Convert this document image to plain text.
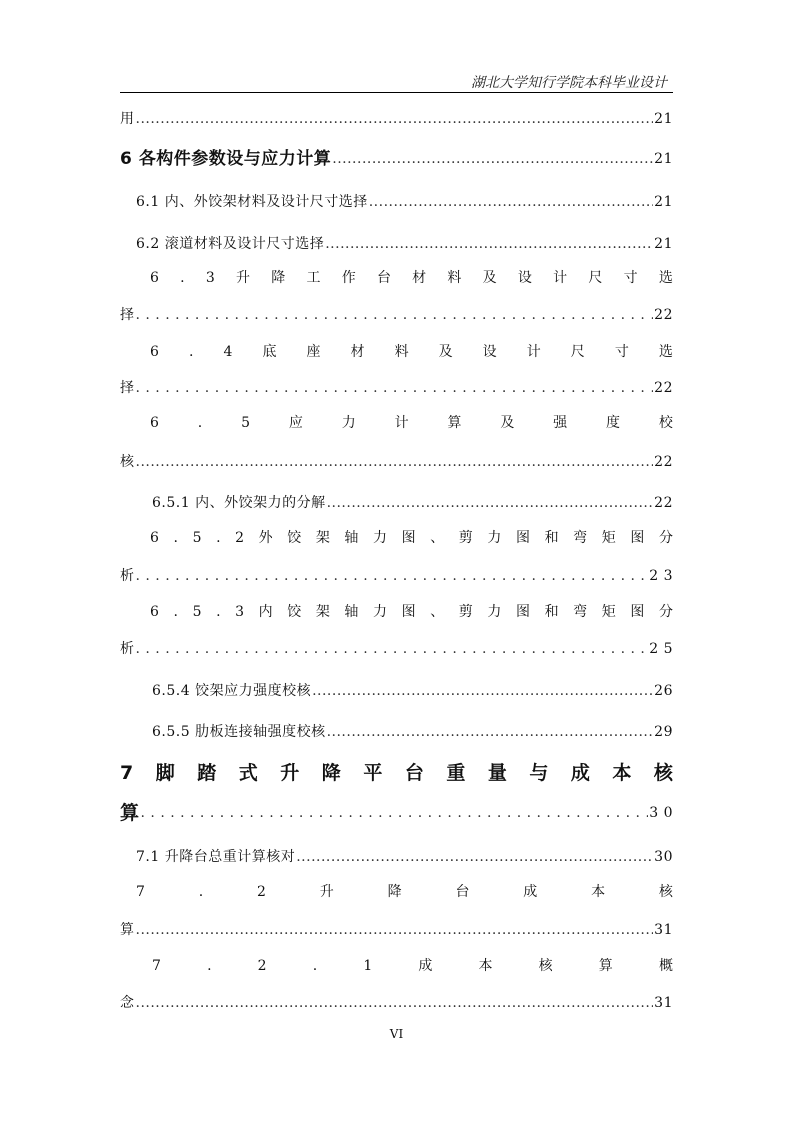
湖北大学知行学院本科毕业设计
用 .....	21
6 各构件参数设与应力计算 .....	21
6.1 内、外饺架材料及设计尺寸选择 .....	21
6.2 滚道材料及设计尺寸选择 .....	21
6 . 3 升 降 工 作 台 材 料 及 设 计 尺 寸 选
择 . . .	22
6 . 4 底 座 材 料 及 设 计 尺 寸 选
择 . . .	22
6	.	5	应	力	计	算	及	强	度	校
核 .....	22
6.5.1 内、外饺架力的分解 .....	22
6 . 5 . 2 外 饺 架 轴 力 图 、 剪 力 图 和 弯 矩 图 分
析 . . .	2 3
6 . 5 . 3 内 饺 架 轴 力 图 、 剪 力 图 和 弯 矩 图 分
析 . . .	2 5
6.5.4 饺架应力强度校核 .....	26
6.5.5 肋板连接轴强度校核 .....	29
7 脚 踏 式 升 降 平 台 重 量 与 成 本 核
算 . . .	3 0
7.1 升降台总重计算核对 .....	30
7	.	2	升	降	台	成	本	核
算 .....	31
7	.	2	.	1	成	本	核	算	概
念 .....	31
VI
